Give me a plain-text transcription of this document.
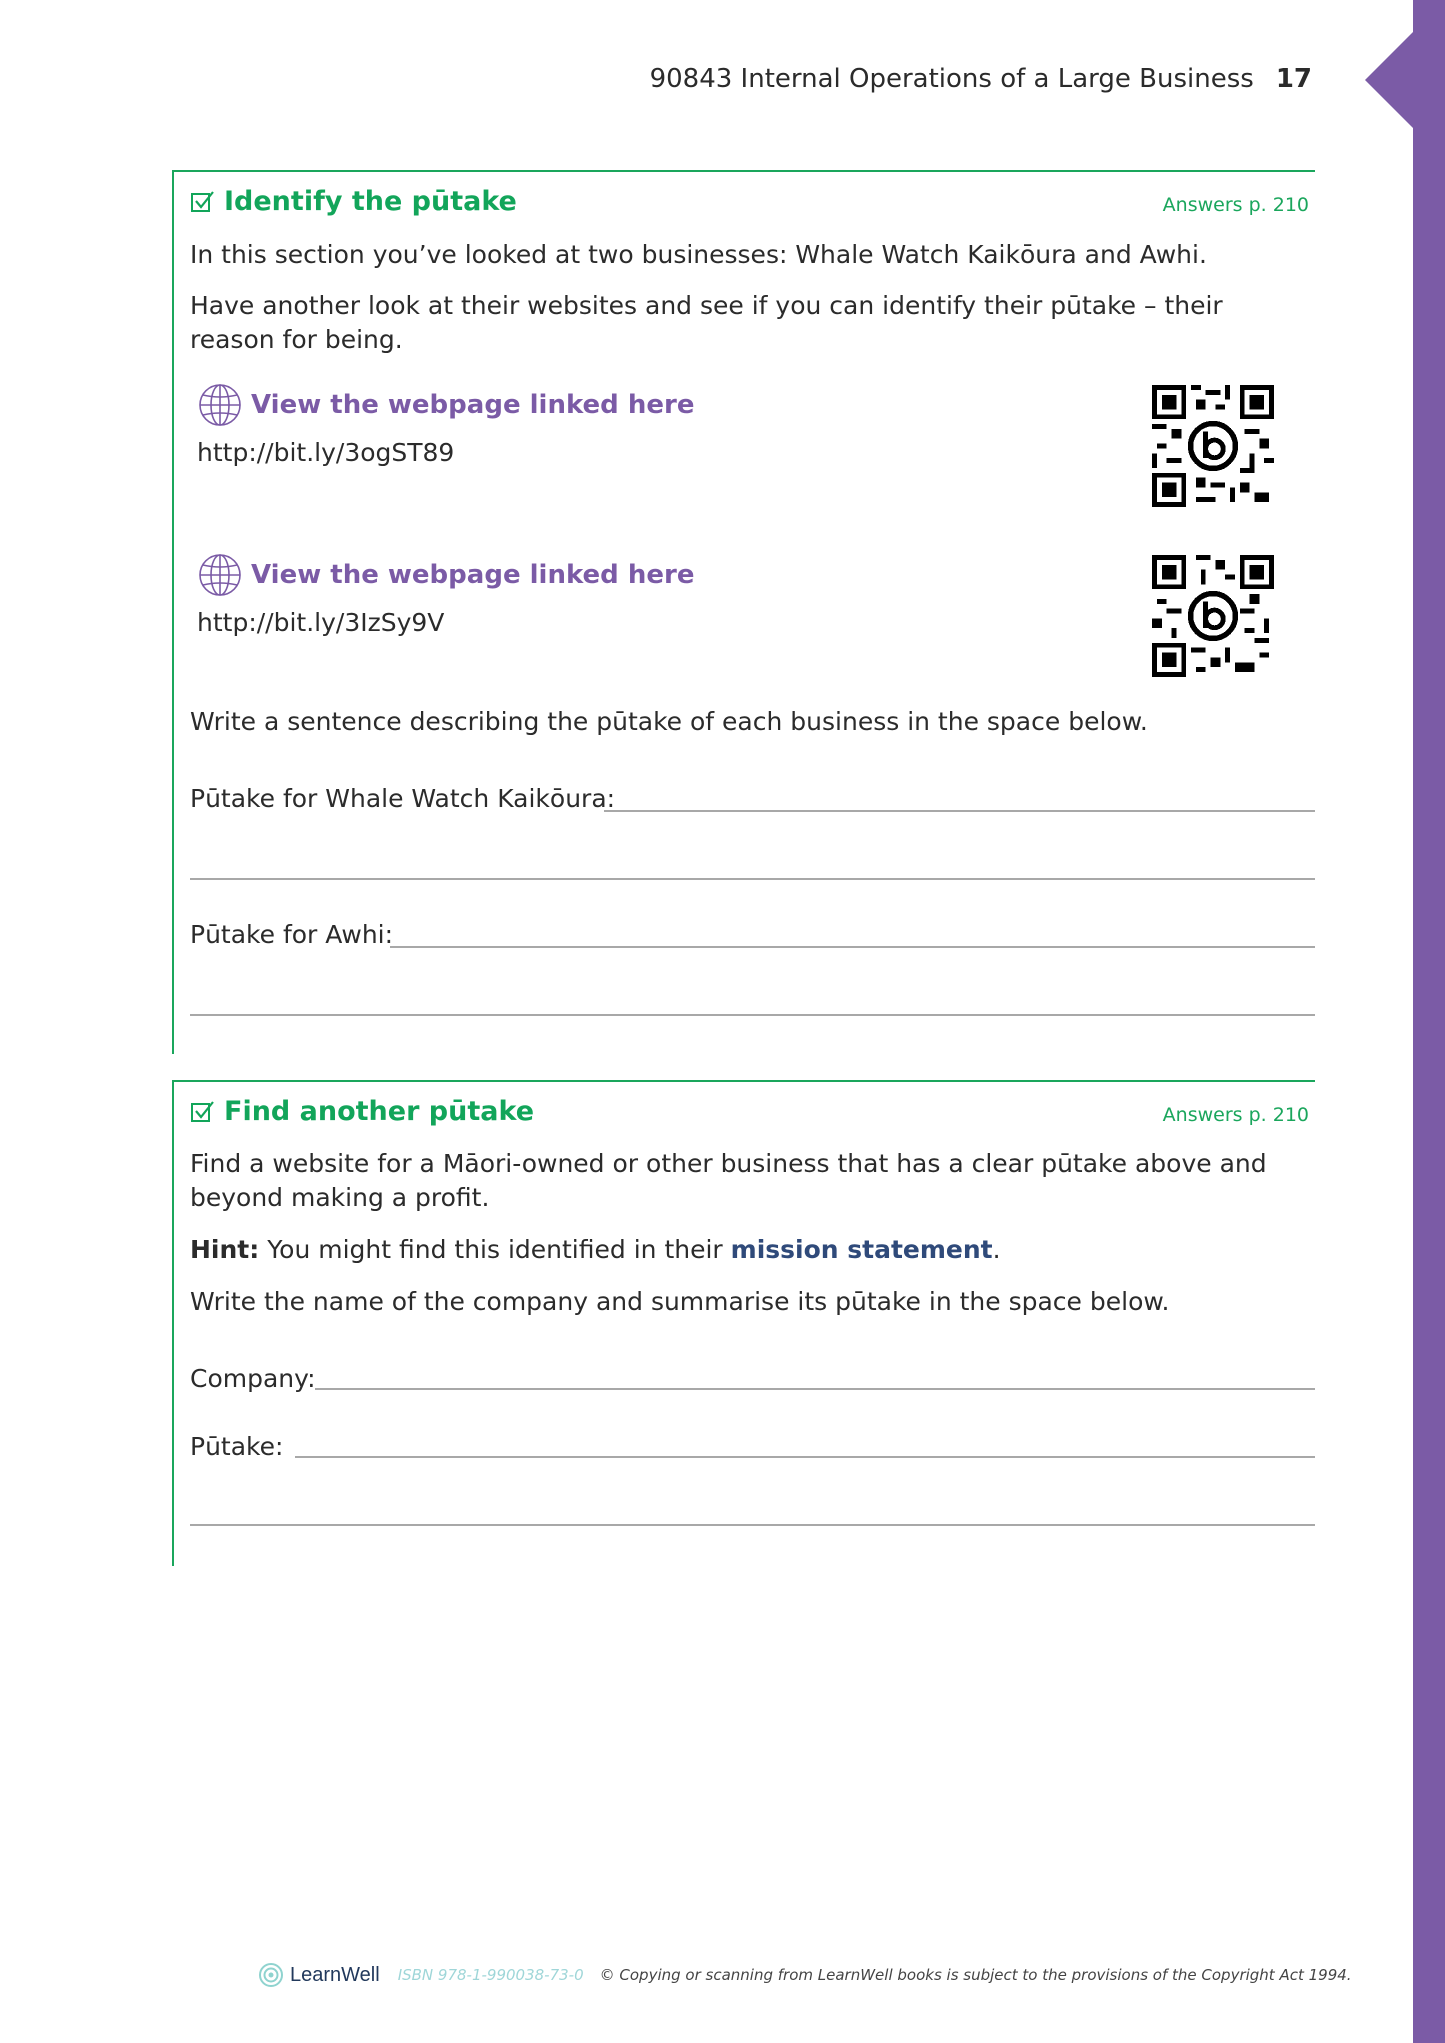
90843 Internal Operations of a Large Business 17
Identify the pūtake	Answers p. 210
In this section you’ve looked at two businesses: Whale Watch Kaikōura and Awhi.
Have another look at their websites and see if you can identify their pūtake – their reason for being.
View the webpage linked here
http://bit.ly/3ogST89
View the webpage linked here
http://bit.ly/3IzSy9V
Write a sentence describing the pūtake of each business in the space below.
Pūtake for Whale Watch Kaikōura:
Pūtake for Awhi:
Find another pūtake	Answers p. 210
Find a website for a Māori-owned or other business that has a clear pūtake above and beyond making a profit.
Hint: You might find this identified in their mission statement.
Write the name of the company and summarise its pūtake in the space below.
Company:
Pūtake:
LearnWell ISBN 978-1-990038-73-0 © Copying or scanning from LearnWell books is subject to the provisions of the Copyright Act 1994.
